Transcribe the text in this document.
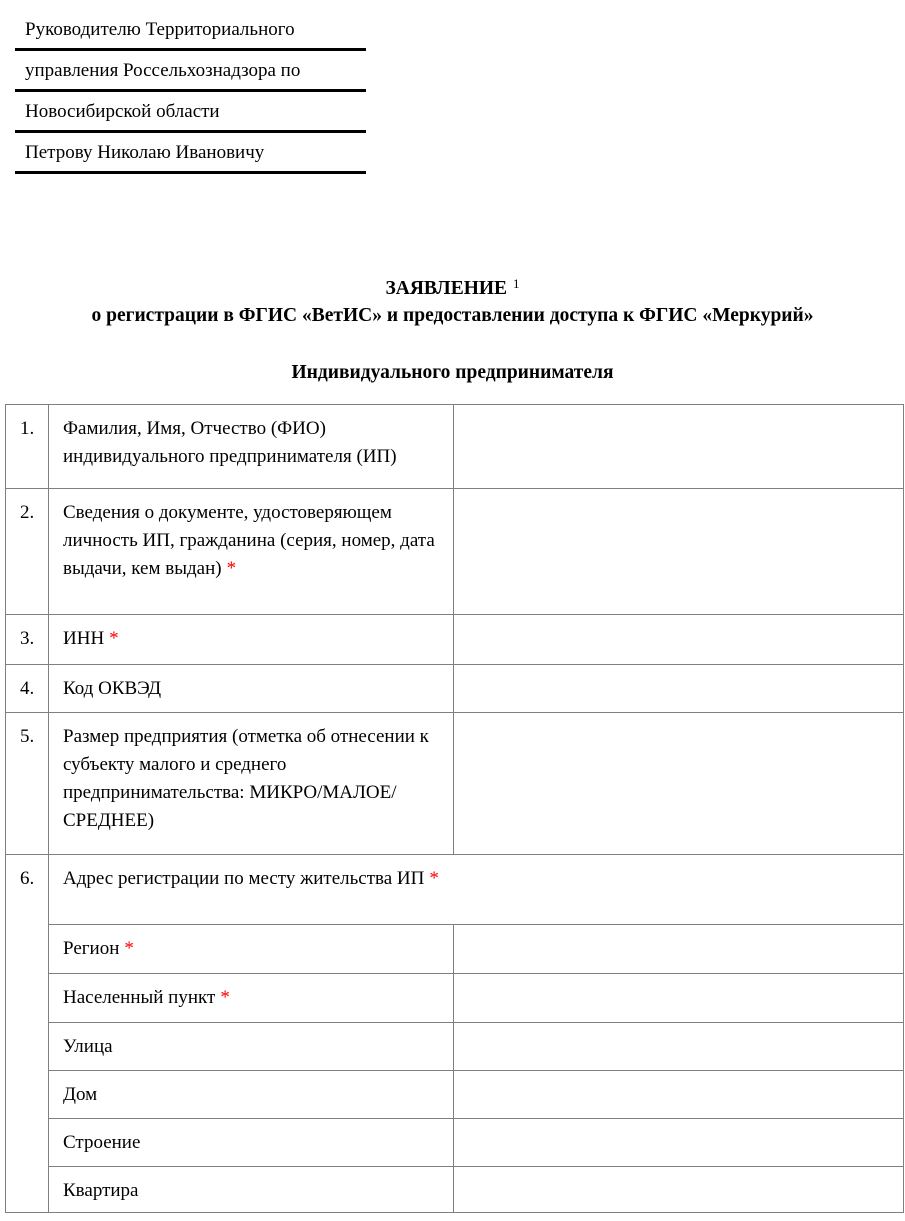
Руководителю Территориального
управления Россельхознадзора по
Новосибирской области
Петрову Николаю Ивановичу
ЗАЯВЛЕНИЕ $^1$
о регистрации в ФГИС «ВетИС» и предоставлении доступа к ФГИС «Меркурий»
Индивидуального предпринимателя
1.	Фамилия, Имя, Отчество (ФИО) индивидуального предпринимателя (ИП)	
2.	Сведения о документе, удостоверяющем личность ИП, гражданина (серия, номер, дата выдачи, кем выдан) *	
3.	ИНН *	
4.	Код ОКВЭД	
5.	Размер предприятия (отметка об отнесении к субъекту малого и среднего предпринимательства: МИКРО/МАЛОЕ/СРЕДНЕЕ)	
6.	Адрес регистрации по месту жительства ИП *	
	Регион *	
	Населенный пункт *	
	Улица	
	Дом	
	Строение	
	Квартира	
